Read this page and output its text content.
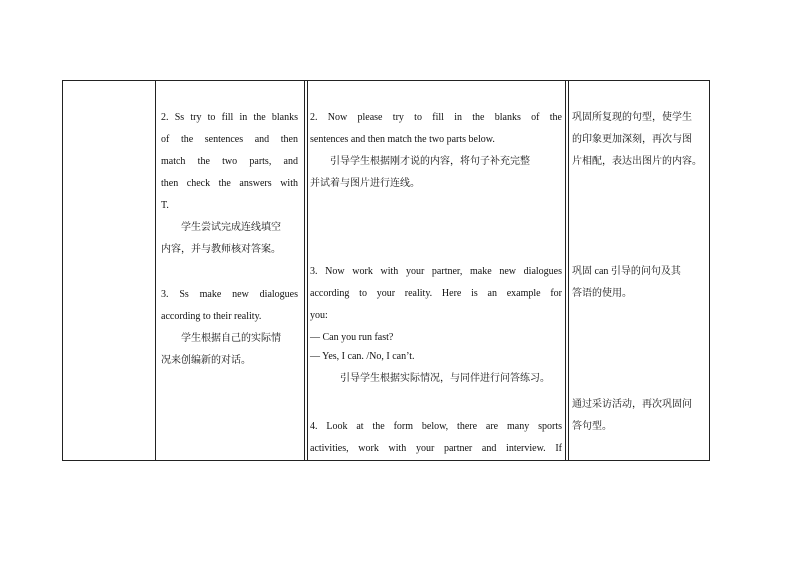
2. Ss try to fill in the blanks

of the sentences and then

match the two parts, and

then check the answers with

T.

学生尝试完成连线填空

内容，并与教师核对答案。

3. Ss make new dialogues

according to their reality.

学生根据自己的实际情

况来创编新的对话。

2. Now please try to fill in the blanks of the

sentences and then match the two parts below.

引导学生根据刚才说的内容，将句子补充完整

并试着与图片进行连线。

3. Now work with your partner, make new dialogues

according to your reality. Here is an example for

you:

— Can you run fast?

— Yes, I can. /No, I can’t.

引导学生根据实际情况，与同伴进行问答练习。

4. Look at the form below, there are many sports

activities, work with your partner and interview. If

巩固所复现的句型，使学生

的印象更加深刻，再次与图

片相配，表达出图片的内容。

巩固 can 引导的问句及其

答语的使用。

通过采访活动，再次巩固问

答句型。
